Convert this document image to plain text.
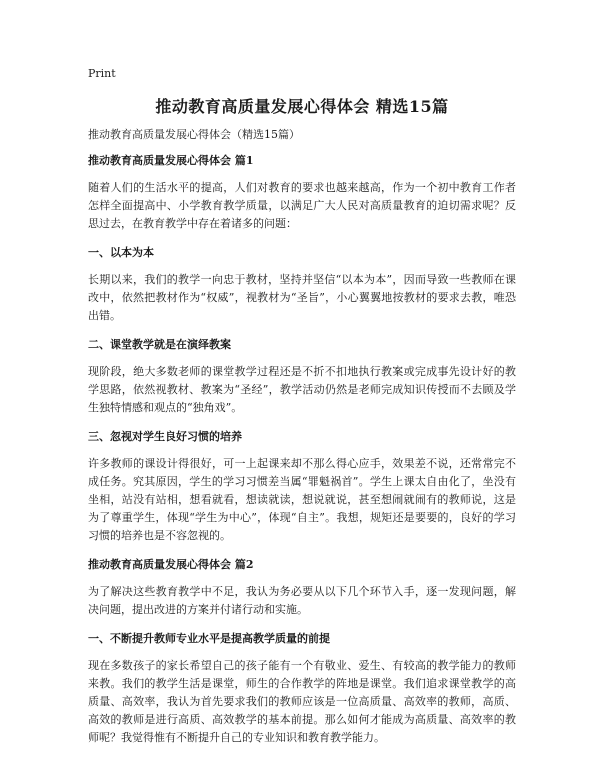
Print
推动教育高质量发展心得体会 精选15篇
推动教育高质量发展心得体会（精选15篇）
推动教育高质量发展心得体会 篇1
随着人们的生活水平的提高，人们对教育的要求也越来越高，作为一个初中教育工作者怎样全面提高中、小学教育教学质量，以满足广大人民对高质量教育的迫切需求呢？反思过去，在教育教学中存在着诸多的问题：
一、以本为本
长期以来，我们的教学一向忠于教材，坚持并坚信“以本为本”，因而导致一些教师在课改中，依然把教材作为“权威”，视教材为“圣旨”，小心翼翼地按教材的要求去教，唯恐出错。
二、课堂教学就是在演绎教案
现阶段，绝大多数老师的课堂教学过程还是不折不扣地执行教案或完成事先设计好的教学思路，依然视教材、教案为“圣经”，教学活动仍然是老师完成知识传授而不去顾及学生独特情感和观点的“独角戏”。
三、忽视对学生良好习惯的培养
许多教师的课设计得很好，可一上起课来却不那么得心应手，效果差不说，还常常完不成任务。究其原因，学生的学习习惯差当属“罪魁祸首”。学生上课太自由化了，坐没有坐相，站没有站相，想看就看，想读就读，想说就说，甚至想闹就闹有的教师说，这是为了尊重学生，体现“学生为中心”，体现“自主”。我想，规矩还是要要的，良好的学习习惯的培养也是不容忽视的。
推动教育高质量发展心得体会 篇2
为了解决这些教育教学中不足，我认为务必要从以下几个环节入手，逐一发现问题，解决问题，提出改进的方案并付诸行动和实施。
一、不断提升教师专业水平是提高教学质量的前提
现在多数孩子的家长希望自己的孩子能有一个有敬业、爱生、有较高的教学能力的教师来教。我们的教学生活是课堂，师生的合作教学的阵地是课堂。我们追求课堂教学的高质量、高效率，我认为首先要求我们的教师应该是一位高质量、高效率的教师，高质、高效的教师是进行高质、高效教学的基本前提。那么如何才能成为高质量、高效率的教师呢？我觉得惟有不断提升自己的专业知识和教育教学能力。
